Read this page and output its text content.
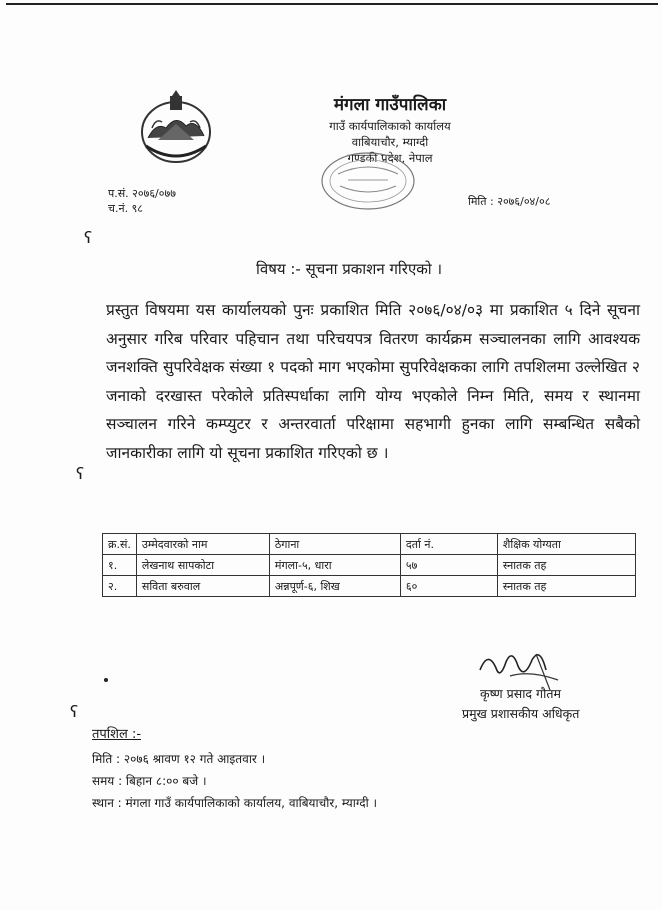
मंगला गाउँपालिका
गाउँ कार्यपालिकाको कार्यालय
वाबियाचौर, म्याग्दी
गण्डकी प्रदेश, नेपाल
प.सं. २०७६/०७७
च.नं. ९८
मिति : २०७६/०४/०८
विषय :- सूचना प्रकाशन गरिएको ।
प्रस्तुत विषयमा यस कार्यालयको पुनः प्रकाशित मिति २०७६/०४/०३ मा प्रकाशित ५ दिने सूचना अनुसार गरिब परिवार पहिचान तथा परिचयपत्र वितरण कार्यक्रम सञ्चालनका लागि आवश्यक जनशक्ति सुपरिवेक्षक संख्या १ पदको माग भएकोमा सुपरिवेक्षकका लागि तपशिलमा उल्लेखित २ जनाको दरखास्त परेकोले प्रतिस्पर्धाका लागि योग्य भएकोले निम्न मिति, समय र स्थानमा सञ्चालन गरिने कम्प्युटर र अन्तरवार्ता परिक्षामा सहभागी हुनका लागि सम्बन्धित सबैको जानकारीका लागि यो सूचना प्रकाशित गरिएको छ ।
क्र.सं.	उम्मेदवारको नाम	ठेगाना	दर्ता नं.	शैक्षिक योग्यता
१.	लेखनाथ सापकोटा	मंगला-५, धारा	५७	स्नातक तह
२.	सविता बरुवाल	अन्नपूर्ण-६, शिख	६०	स्नातक तह
कृष्ण प्रसाद गौतम
प्रमुख प्रशासकीय अधिकृत
तपशिल :-
मिति : २०७६ श्रावण १२ गते आइतवार ।
समय : बिहान ८:०० बजे ।
स्थान : मंगला गाउँ कार्यपालिकाको कार्यालय, वाबियाचौर, म्याग्दी ।
ʕ
ʕ
ʕ
